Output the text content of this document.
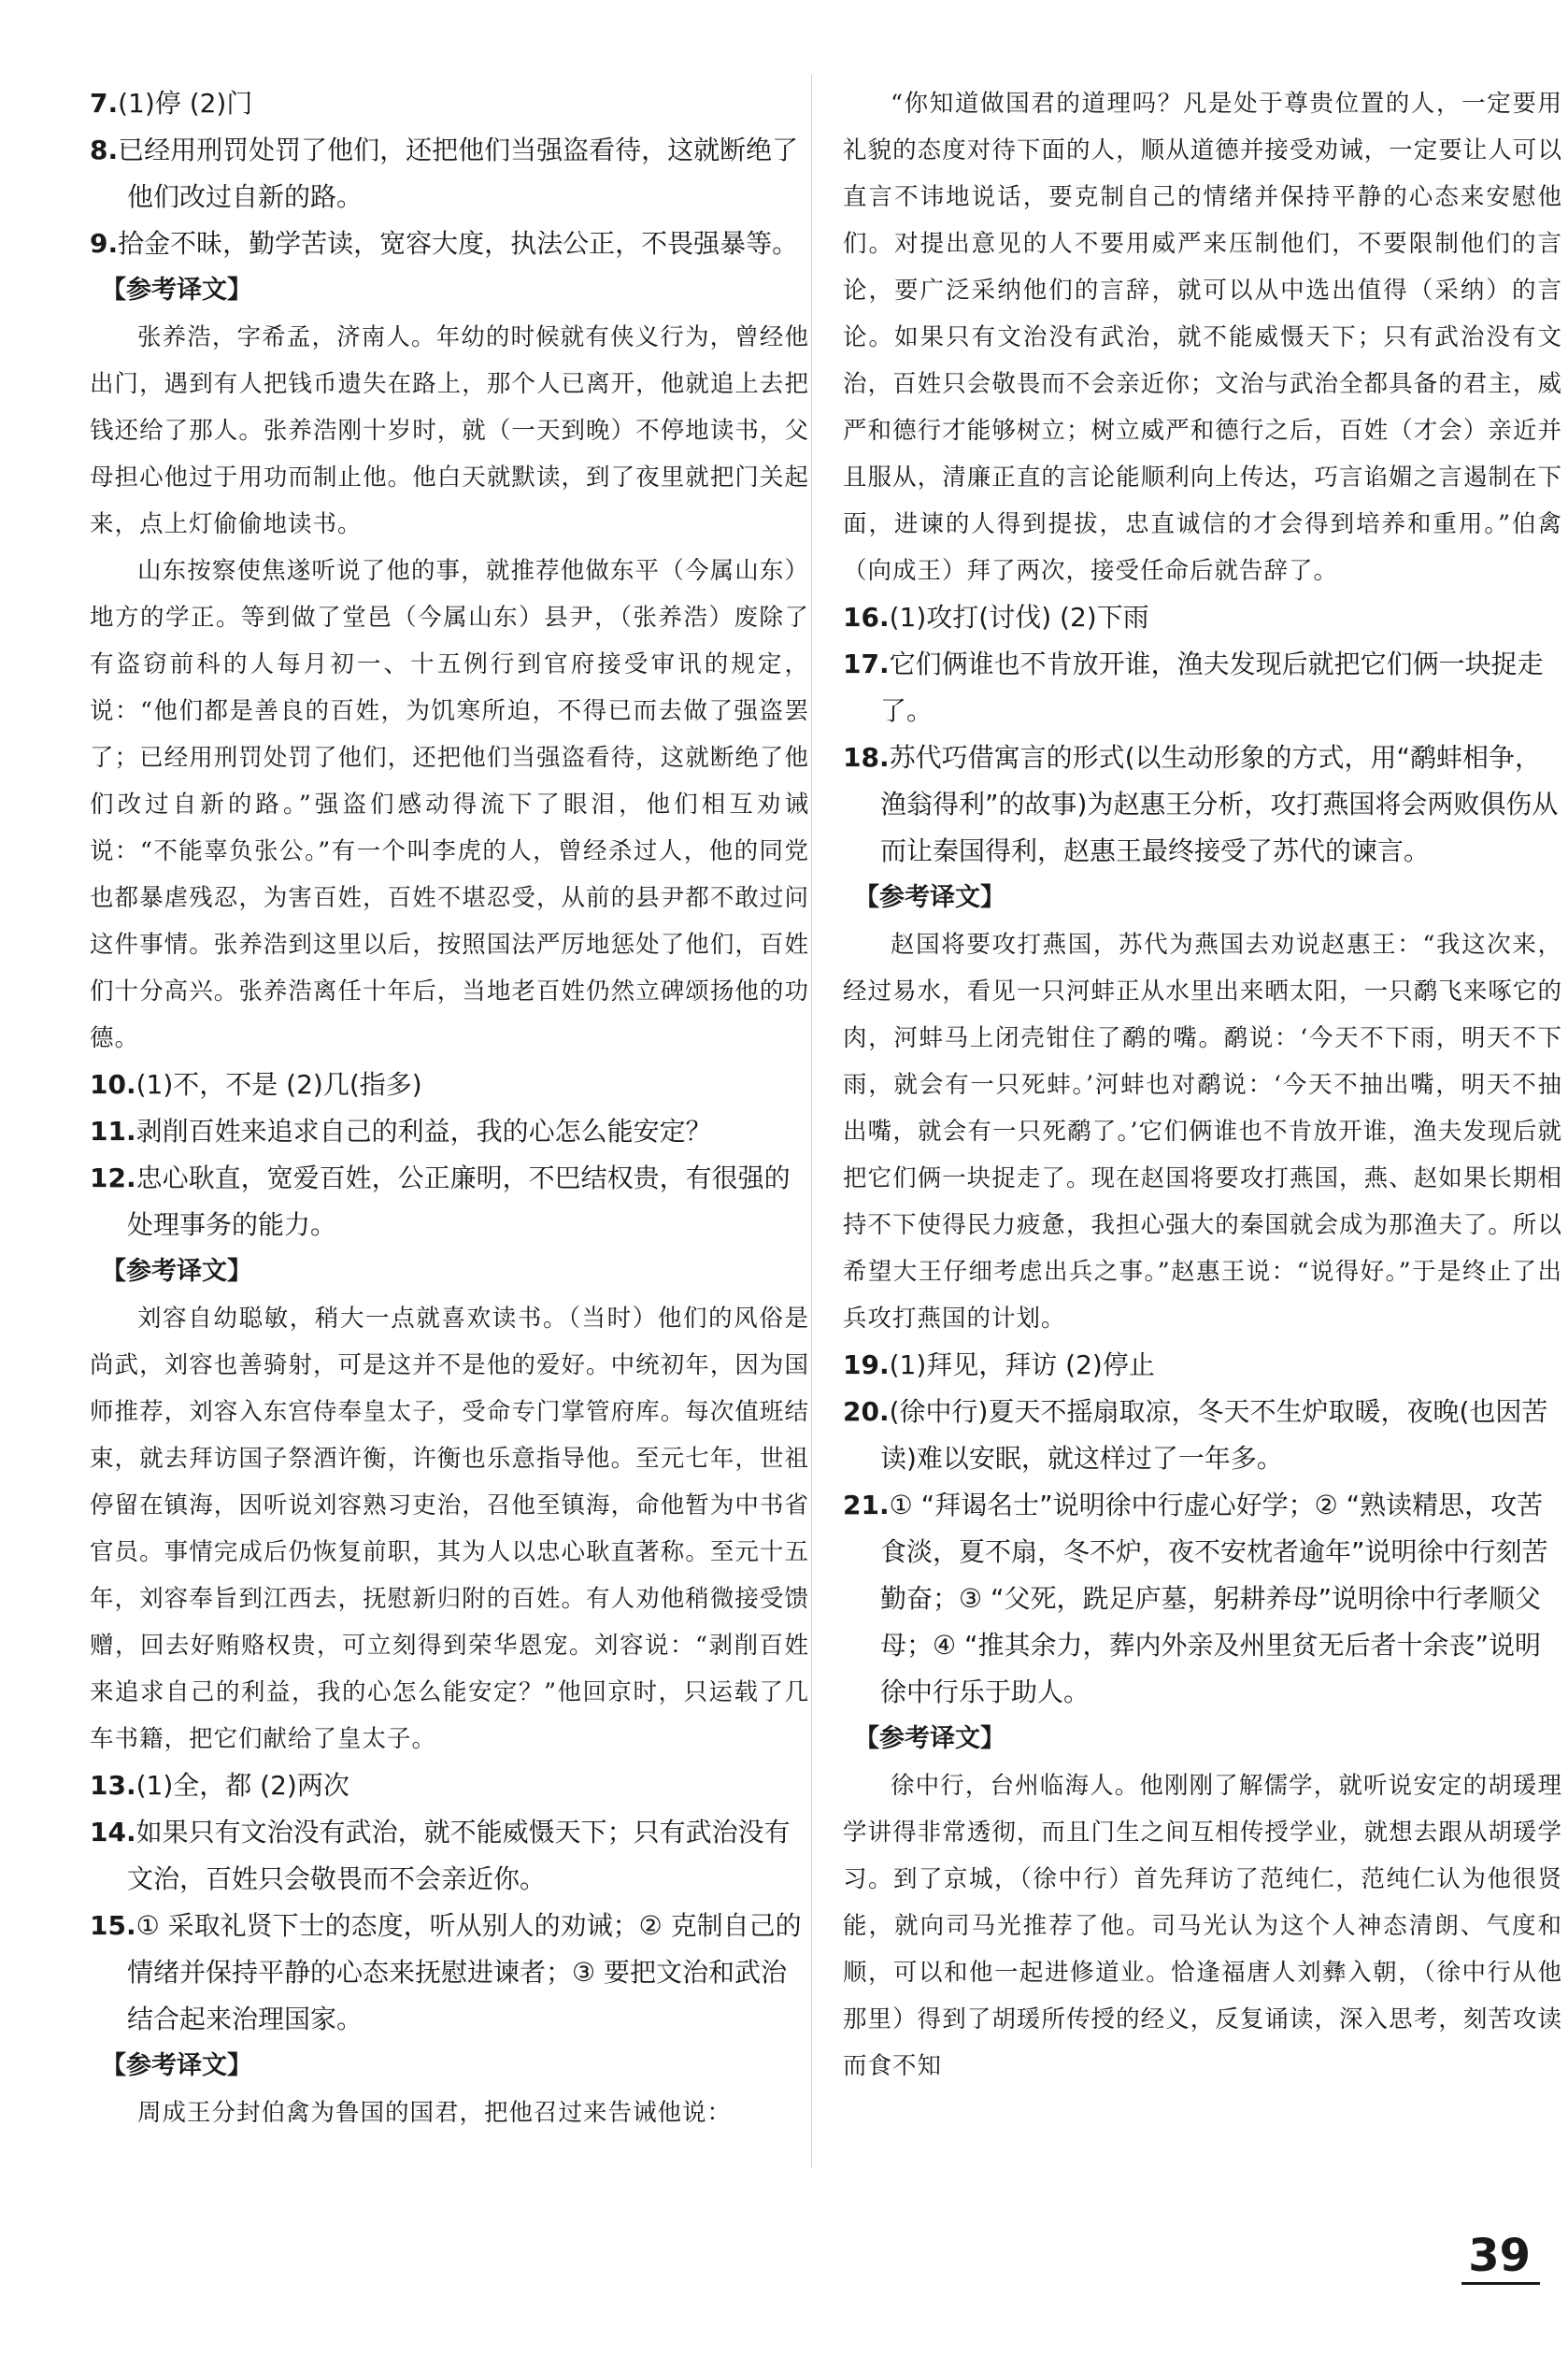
7.(1)停 (2)门

8.已经用刑罚处罚了他们，还把他们当强盗看待，这就断绝了他们改过自新的路。

9.拾金不昧，勤学苦读，宽容大度，执法公正，不畏强暴等。

【参考译文】

张养浩，字希孟，济南人。年幼的时候就有侠义行为，曾经他出门，遇到有人把钱币遗失在路上，那个人已离开，他就追上去把钱还给了那人。张养浩刚十岁时，就（一天到晚）不停地读书，父母担心他过于用功而制止他。他白天就默读，到了夜里就把门关起来，点上灯偷偷地读书。

山东按察使焦遂听说了他的事，就推荐他做东平（今属山东）地方的学正。等到做了堂邑（今属山东）县尹，（张养浩）废除了有盗窃前科的人每月初一、十五例行到官府接受审讯的规定，说：“他们都是善良的百姓，为饥寒所迫，不得已而去做了强盗罢了；已经用刑罚处罚了他们，还把他们当强盗看待，这就断绝了他们改过自新的路。”强盗们感动得流下了眼泪，他们相互劝诫说：“不能辜负张公。”有一个叫李虎的人，曾经杀过人，他的同党也都暴虐残忍，为害百姓，百姓不堪忍受，从前的县尹都不敢过问这件事情。张养浩到这里以后，按照国法严厉地惩处了他们，百姓们十分高兴。张养浩离任十年后，当地老百姓仍然立碑颂扬他的功德。

10.(1)不，不是 (2)几(指多)

11.剥削百姓来追求自己的利益，我的心怎么能安定？

12.忠心耿直，宽爱百姓，公正廉明，不巴结权贵，有很强的处理事务的能力。

【参考译文】

刘容自幼聪敏，稍大一点就喜欢读书。（当时）他们的风俗是尚武，刘容也善骑射，可是这并不是他的爱好。中统初年，因为国师推荐，刘容入东宫侍奉皇太子，受命专门掌管府库。每次值班结束，就去拜访国子祭酒许衡，许衡也乐意指导他。至元七年，世祖停留在镇海，因听说刘容熟习吏治，召他至镇海，命他暂为中书省官员。事情完成后仍恢复前职，其为人以忠心耿直著称。至元十五年，刘容奉旨到江西去，抚慰新归附的百姓。有人劝他稍微接受馈赠，回去好贿赂权贵，可立刻得到荣华恩宠。刘容说：“剥削百姓来追求自己的利益，我的心怎么能安定？”他回京时，只运载了几车书籍，把它们献给了皇太子。

13.(1)全，都 (2)两次

14.如果只有文治没有武治，就不能威慑天下；只有武治没有文治，百姓只会敬畏而不会亲近你。

15.① 采取礼贤下士的态度，听从别人的劝诫；② 克制自己的情绪并保持平静的心态来抚慰进谏者；③ 要把文治和武治结合起来治理国家。

【参考译文】

周成王分封伯禽为鲁国的国君，把他召过来告诫他说：

“你知道做国君的道理吗？凡是处于尊贵位置的人，一定要用礼貌的态度对待下面的人，顺从道德并接受劝诫，一定要让人可以直言不讳地说话，要克制自己的情绪并保持平静的心态来安慰他们。对提出意见的人不要用威严来压制他们，不要限制他们的言论，要广泛采纳他们的言辞，就可以从中选出值得（采纳）的言论。如果只有文治没有武治，就不能威慑天下；只有武治没有文治，百姓只会敬畏而不会亲近你；文治与武治全都具备的君主，威严和德行才能够树立；树立威严和德行之后，百姓（才会）亲近并且服从，清廉正直的言论能顺利向上传达，巧言谄媚之言遏制在下面，进谏的人得到提拔，忠直诚信的才会得到培养和重用。”伯禽（向成王）拜了两次，接受任命后就告辞了。

16.(1)攻打(讨伐) (2)下雨

17.它们俩谁也不肯放开谁，渔夫发现后就把它们俩一块捉走了。

18.苏代巧借寓言的形式(以生动形象的方式，用“鹬蚌相争，渔翁得利”的故事)为赵惠王分析，攻打燕国将会两败俱伤从而让秦国得利，赵惠王最终接受了苏代的谏言。

【参考译文】

赵国将要攻打燕国，苏代为燕国去劝说赵惠王：“我这次来，经过易水，看见一只河蚌正从水里出来晒太阳，一只鹬飞来啄它的肉，河蚌马上闭壳钳住了鹬的嘴。鹬说：‘今天不下雨，明天不下雨，就会有一只死蚌。’河蚌也对鹬说：‘今天不抽出嘴，明天不抽出嘴，就会有一只死鹬了。’它们俩谁也不肯放开谁，渔夫发现后就把它们俩一块捉走了。现在赵国将要攻打燕国，燕、赵如果长期相持不下使得民力疲惫，我担心强大的秦国就会成为那渔夫了。所以希望大王仔细考虑出兵之事。”赵惠王说：“说得好。”于是终止了出兵攻打燕国的计划。

19.(1)拜见，拜访 (2)停止

20.(徐中行)夏天不摇扇取凉，冬天不生炉取暖，夜晚(也因苦读)难以安眠，就这样过了一年多。

21.① “拜谒名士”说明徐中行虚心好学；② “熟读精思，攻苦食淡，夏不扇，冬不炉，夜不安枕者逾年”说明徐中行刻苦勤奋；③ “父死，跣足庐墓，躬耕养母”说明徐中行孝顺父母；④ “推其余力，葬内外亲及州里贫无后者十余丧”说明徐中行乐于助人。

【参考译文】

徐中行，台州临海人。他刚刚了解儒学，就听说安定的胡瑗理学讲得非常透彻，而且门生之间互相传授学业，就想去跟从胡瑗学习。到了京城，（徐中行）首先拜访了范纯仁，范纯仁认为他很贤能，就向司马光推荐了他。司马光认为这个人神态清朗、气度和顺，可以和他一起进修道业。恰逢福唐人刘彝入朝，（徐中行从他那里）得到了胡瑗所传授的经义，反复诵读，深入思考，刻苦攻读而食不知

39
